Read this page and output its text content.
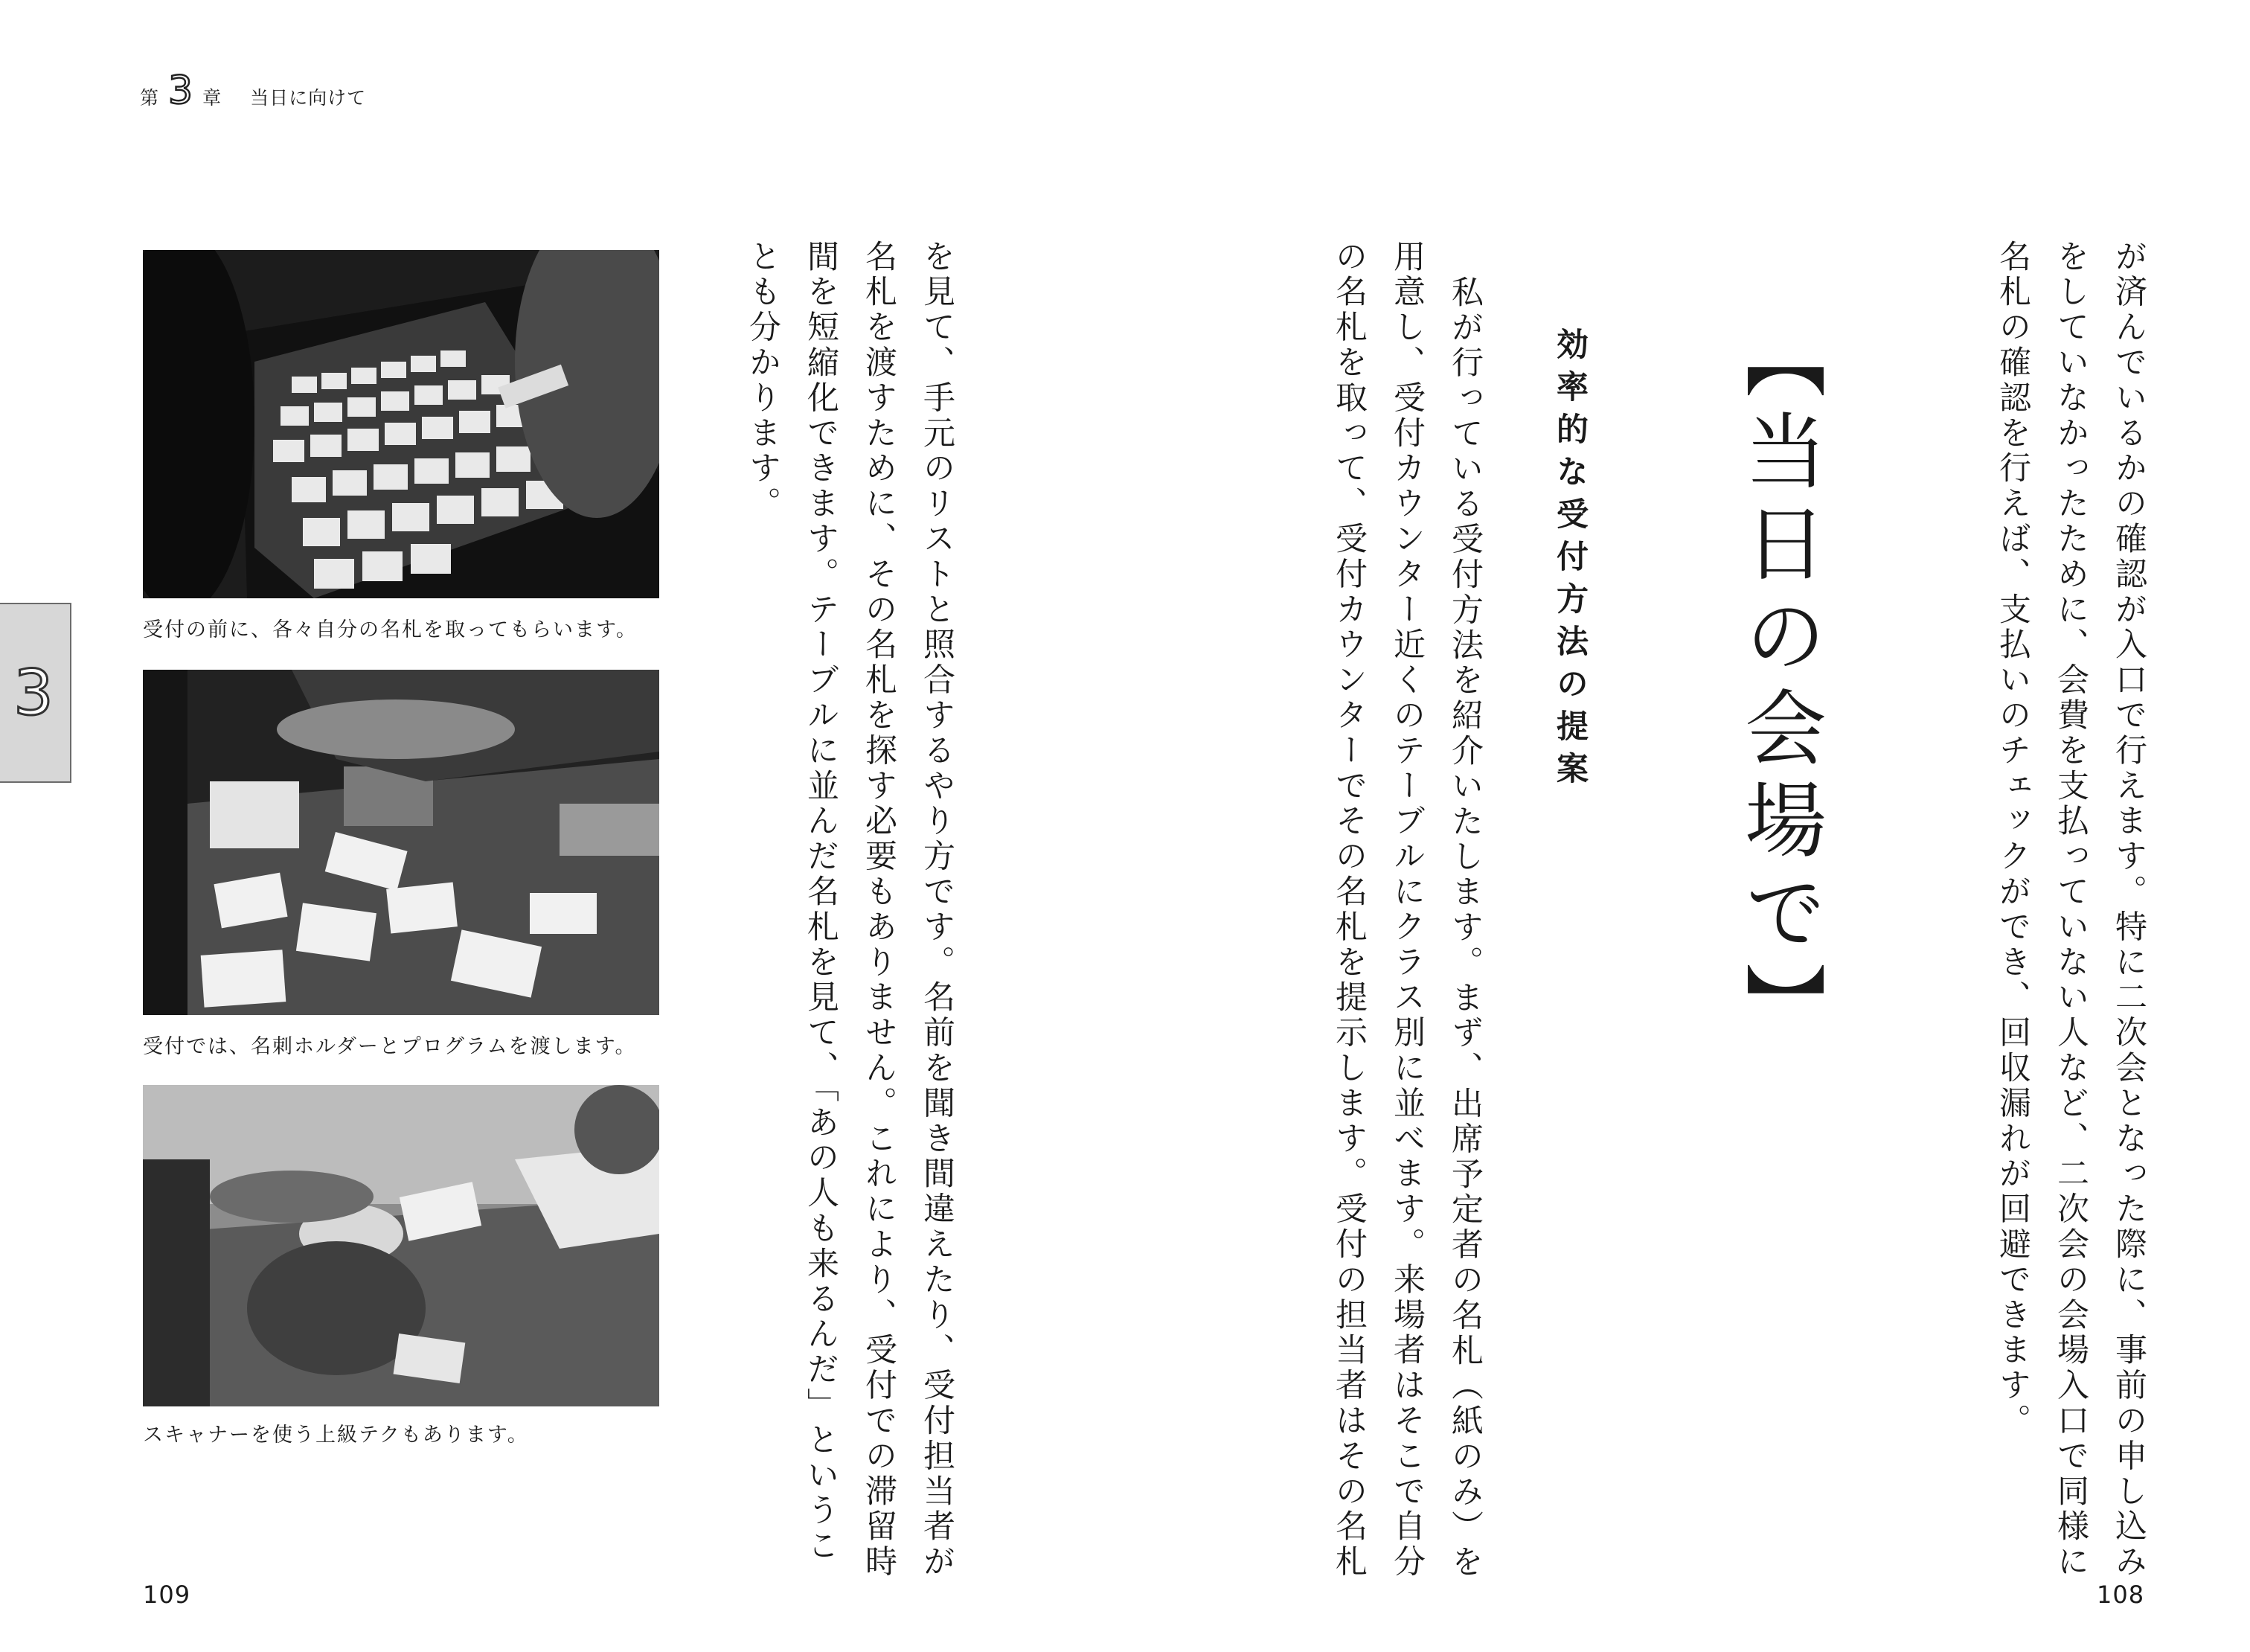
第 3 章 当日に向けて
3	が済んでいるかの確認が入口で行えます。特に二次会となった際に、事前の申し込み
をしていなかったために、会費を支払っていない人など、二次会の会場入口で同様に
名札の確認を行えば、支払いのチェックができ、回収漏れが回避できます。
【当日の会場で】
効率的な受付方法の提案
私が行っている受付方法を紹介いたします。まず、出席予定者の名札（紙のみ）を
用意し、受付カウンター近くのテーブルにクラス別に並べます。来場者はそこで自分
の名札を取って、受付カウンターでその名札を提示します。受付の担当者はその名札
を見て、手元のリストと照合するやり方です。名前を聞き間違えたり、受付担当者が
名札を渡すために、その名札を探す必要もありません。これにより、受付での滞留時
間を短縮化できます。テーブルに並んだ名札を見て、「あの人も来るんだ」というこ
とも分かります。
受付の前に、各々自分の名札を取ってもらいます。
受付では、名刺ホルダーとプログラムを渡します。
スキャナーを使う上級テクもあります。
109	108
